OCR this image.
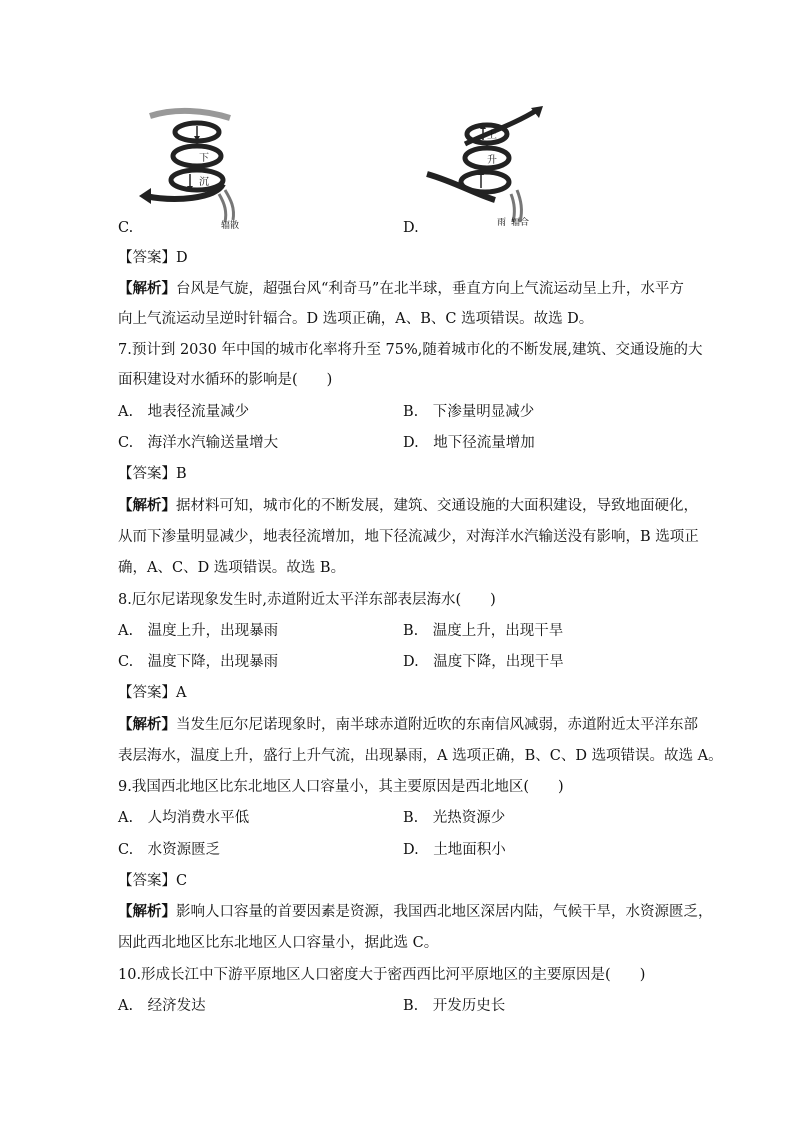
C.
下
沉
辐散	D.
上
升
雨 辐合
【答案】D
【解析】台风是气旋，超强台风“利奇马”在北半球，垂直方向上气流运动呈上升，水平方
向上气流运动呈逆时针辐合。D 选项正确，A、B、C 选项错误。故选 D。
7.预计到 2030 年中国的城市化率将升至 75%,随着城市化的不断发展,建筑、交通设施的大
面积建设对水循环的影响是(　　)
A.　地表径流量减少	B.　下渗量明显减少
C.　海洋水汽输送量增大	D.　地下径流量增加
【答案】B
【解析】据材料可知，城市化的不断发展，建筑、交通设施的大面积建设，导致地面硬化，
从而下渗量明显减少，地表径流增加，地下径流减少，对海洋水汽输送没有影响，B 选项正
确，A、C、D 选项错误。故选 B。
8.厄尔尼诺现象发生时,赤道附近太平洋东部表层海水(　　)
A.　温度上升，出现暴雨	B.　温度上升，出现干旱
C.　温度下降，出现暴雨	D.　温度下降，出现干旱
【答案】A
【解析】当发生厄尔尼诺现象时，南半球赤道附近吹的东南信风减弱，赤道附近太平洋东部
表层海水，温度上升，盛行上升气流，出现暴雨，A 选项正确，B、C、D 选项错误。故选 A。
9.我国西北地区比东北地区人口容量小，其主要原因是西北地区(　　)
A.　人均消费水平低	B.　光热资源少
C.　水资源匮乏	D.　土地面积小
【答案】C
【解析】影响人口容量的首要因素是资源，我国西北地区深居内陆，气候干旱，水资源匮乏，
因此西北地区比东北地区人口容量小，据此选 C。
10.形成长江中下游平原地区人口密度大于密西西比河平原地区的主要原因是(　　)
A.　经济发达	B.　开发历史长
